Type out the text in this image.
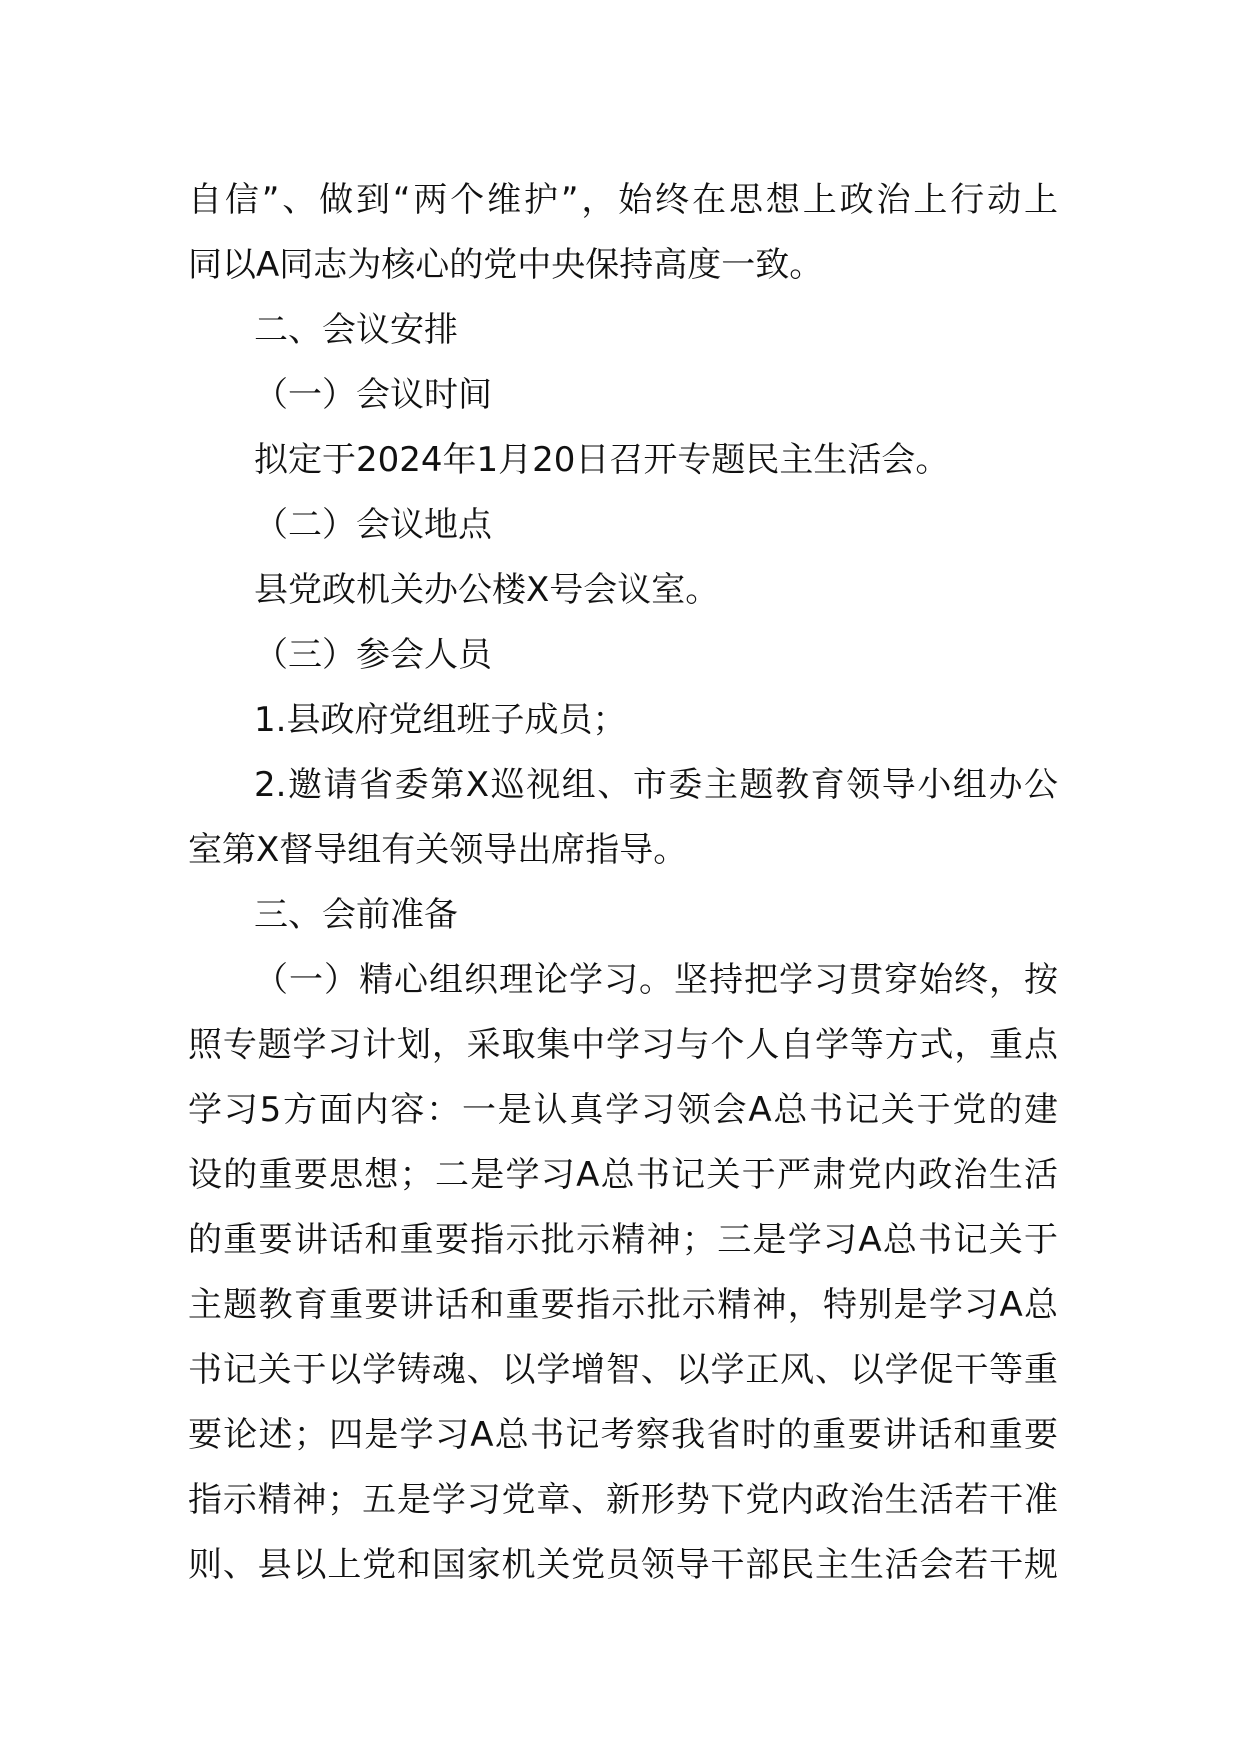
自信”、做到“两个维护”，始终在思想上政治上行动上
同以A同志为核心的党中央保持高度一致。
二、会议安排
（一）会议时间
拟定于2024年1月20日召开专题民主生活会。
（二）会议地点
县党政机关办公楼X号会议室。
（三）参会人员
1.县政府党组班子成员；
2.邀请省委第X巡视组、市委主题教育领导小组办公
室第X督导组有关领导出席指导。
三、会前准备
（一）精心组织理论学习。坚持把学习贯穿始终，按
照专题学习计划，采取集中学习与个人自学等方式，重点
学习5方面内容：一是认真学习领会A总书记关于党的建
设的重要思想；二是学习A总书记关于严肃党内政治生活
的重要讲话和重要指示批示精神；三是学习A总书记关于
主题教育重要讲话和重要指示批示精神，特别是学习A总
书记关于以学铸魂、以学增智、以学正风、以学促干等重
要论述；四是学习A总书记考察我省时的重要讲话和重要
指示精神；五是学习党章、新形势下党内政治生活若干准
则、县以上党和国家机关党员领导干部民主生活会若干规
